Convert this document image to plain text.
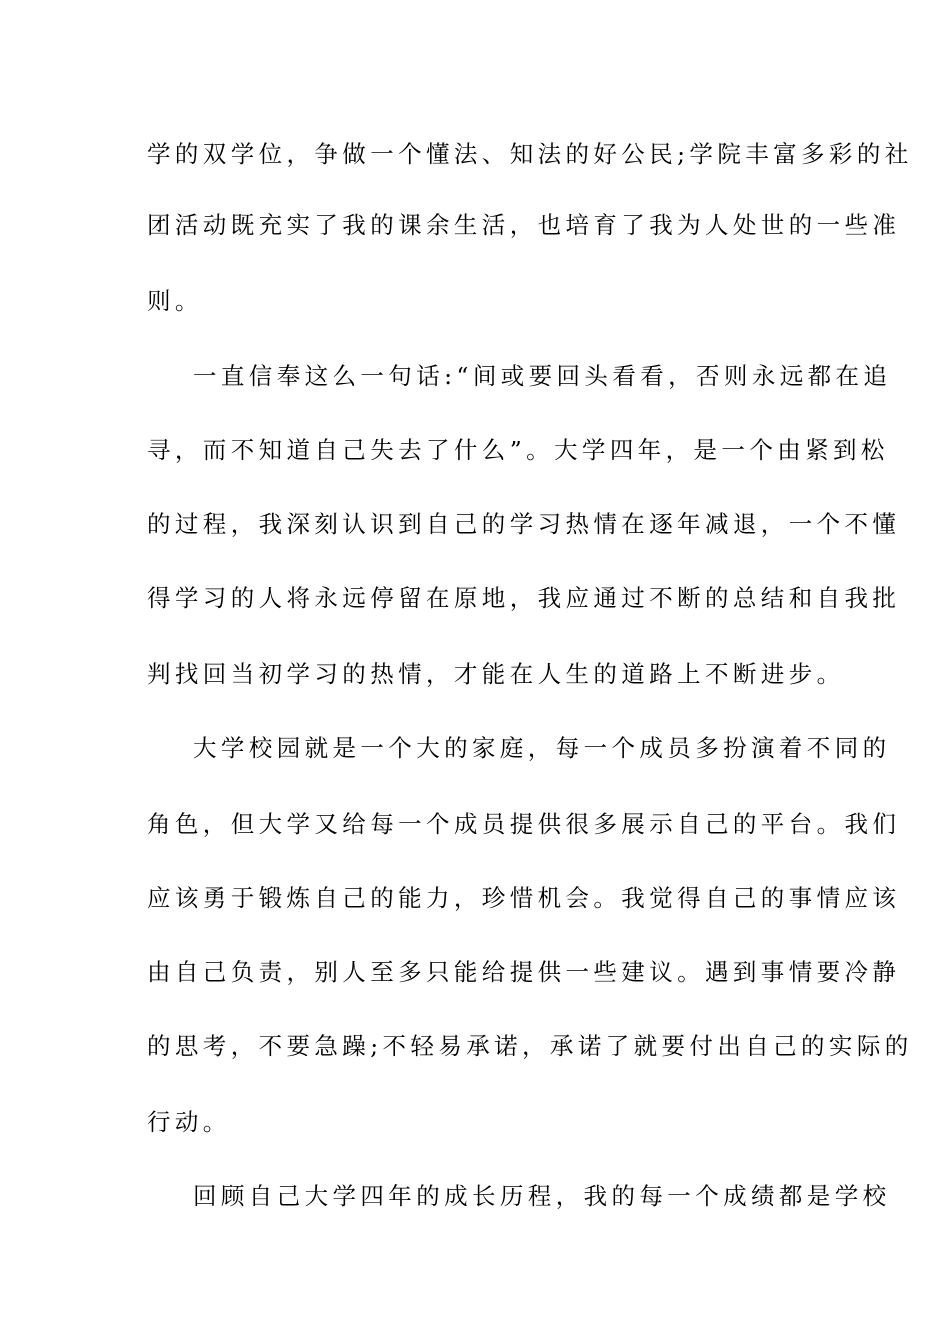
学的双学位，争做一个懂法、知法的好公民;学院丰富多彩的社
团活动既充实了我的课余生活，也培育了我为人处世的一些准
则。
一直信奉这么一句话:“间或要回头看看，否则永远都在追
寻，而不知道自己失去了什么”。大学四年，是一个由紧到松
的过程，我深刻认识到自己的学习热情在逐年减退，一个不懂
得学习的人将永远停留在原地，我应通过不断的总结和自我批
判找回当初学习的热情，才能在人生的道路上不断进步。
大学校园就是一个大的家庭，每一个成员多扮演着不同的
角色，但大学又给每一个成员提供很多展示自己的平台。我们
应该勇于锻炼自己的能力，珍惜机会。我觉得自己的事情应该
由自己负责，别人至多只能给提供一些建议。遇到事情要冷静
的思考，不要急躁;不轻易承诺，承诺了就要付出自己的实际的
行动。
回顾自己大学四年的成长历程，我的每一个成绩都是学校
